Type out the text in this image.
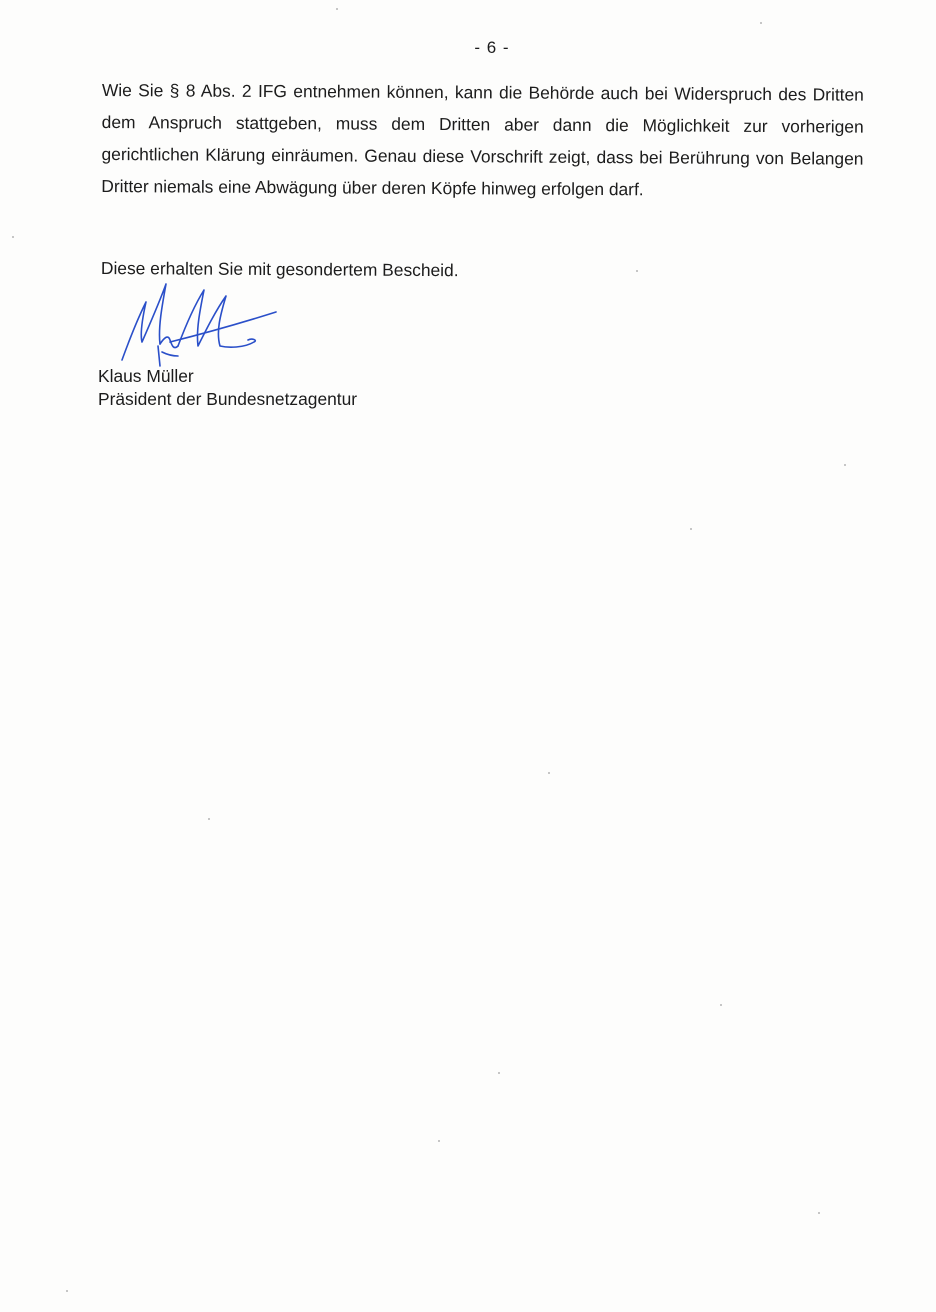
- 6 -

Wie Sie § 8 Abs. 2 IFG entnehmen können, kann die Behörde auch bei Widerspruch des Dritten dem Anspruch stattgeben, muss dem Dritten aber dann die Möglichkeit zur vorherigen gerichtlichen Klärung einräumen. Genau diese Vorschrift zeigt, dass bei Berührung von Belangen Dritter niemals eine Abwägung über deren Köpfe hinweg erfolgen darf.

Diese erhalten Sie mit gesondertem Bescheid.

Klaus Müller
Präsident der Bundesnetzagentur
